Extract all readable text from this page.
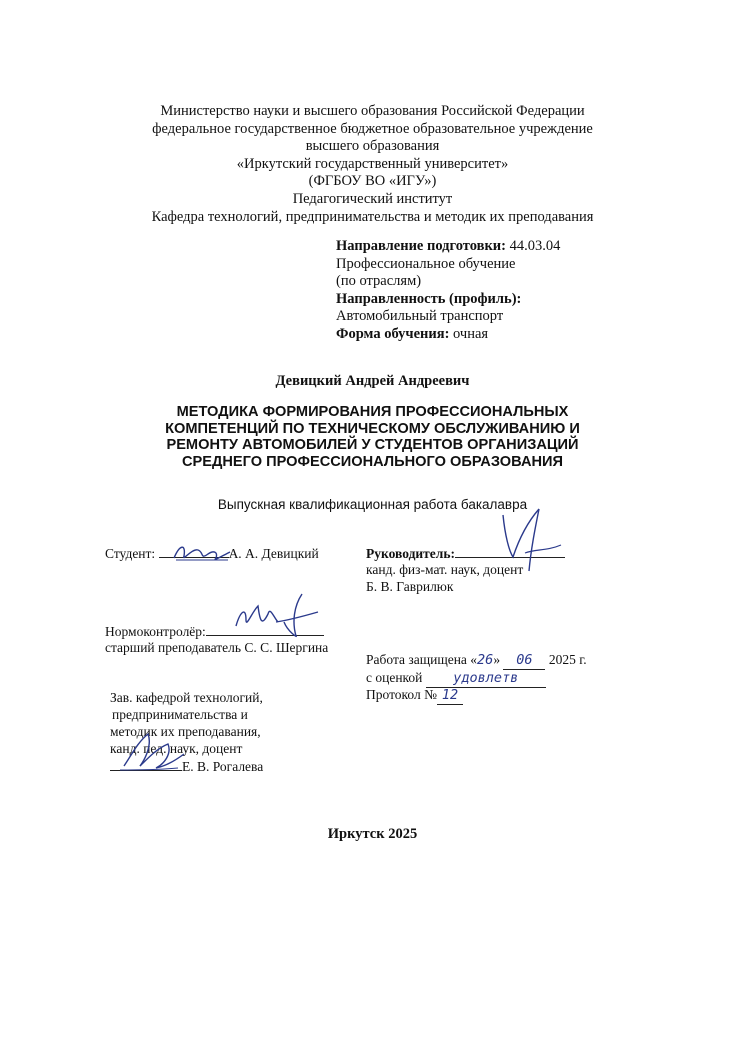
Министерство науки и высшего образования Российской Федерации
федеральное государственное бюджетное образовательное учреждение
высшего образования
«Иркутский государственный университет»
(ФГБОУ ВО «ИГУ»)
Педагогический институт
Кафедра технологий, предпринимательства и методик их преподавания
Направление подготовки: 44.03.04
Профессиональное обучение
(по отраслям)
Направленность (профиль):
Автомобильный транспорт
Форма обучения: очная
Девицкий Андрей Андреевич
МЕТОДИКА ФОРМИРОВАНИЯ ПРОФЕССИОНАЛЬНЫХ
КОМПЕТЕНЦИЙ ПО ТЕХНИЧЕСКОМУ ОБСЛУЖИВАНИЮ И
РЕМОНТУ АВТОМОБИЛЕЙ У СТУДЕНТОВ ОРГАНИЗАЦИЙ
СРЕДНЕГО ПРОФЕССИОНАЛЬНОГО ОБРАЗОВАНИЯ
Выпускная квалификационная работа бакалавра
Студент:	А. А. Девицкий	Руководитель:
канд. физ-мат. наук, доцент
Б. В. Гаврилюк
Нормоконтролёр:
старший преподаватель С. С. Шергина
Работа защищена «26» 06 2025 г.
с оценкой удовлетв
Протокол № 12
Зав. кафедрой технологий,
предпринимательства и
методик их преподавания,
канд. пед. наук, доцент
Е. В. Рогалева
Иркутск 2025
